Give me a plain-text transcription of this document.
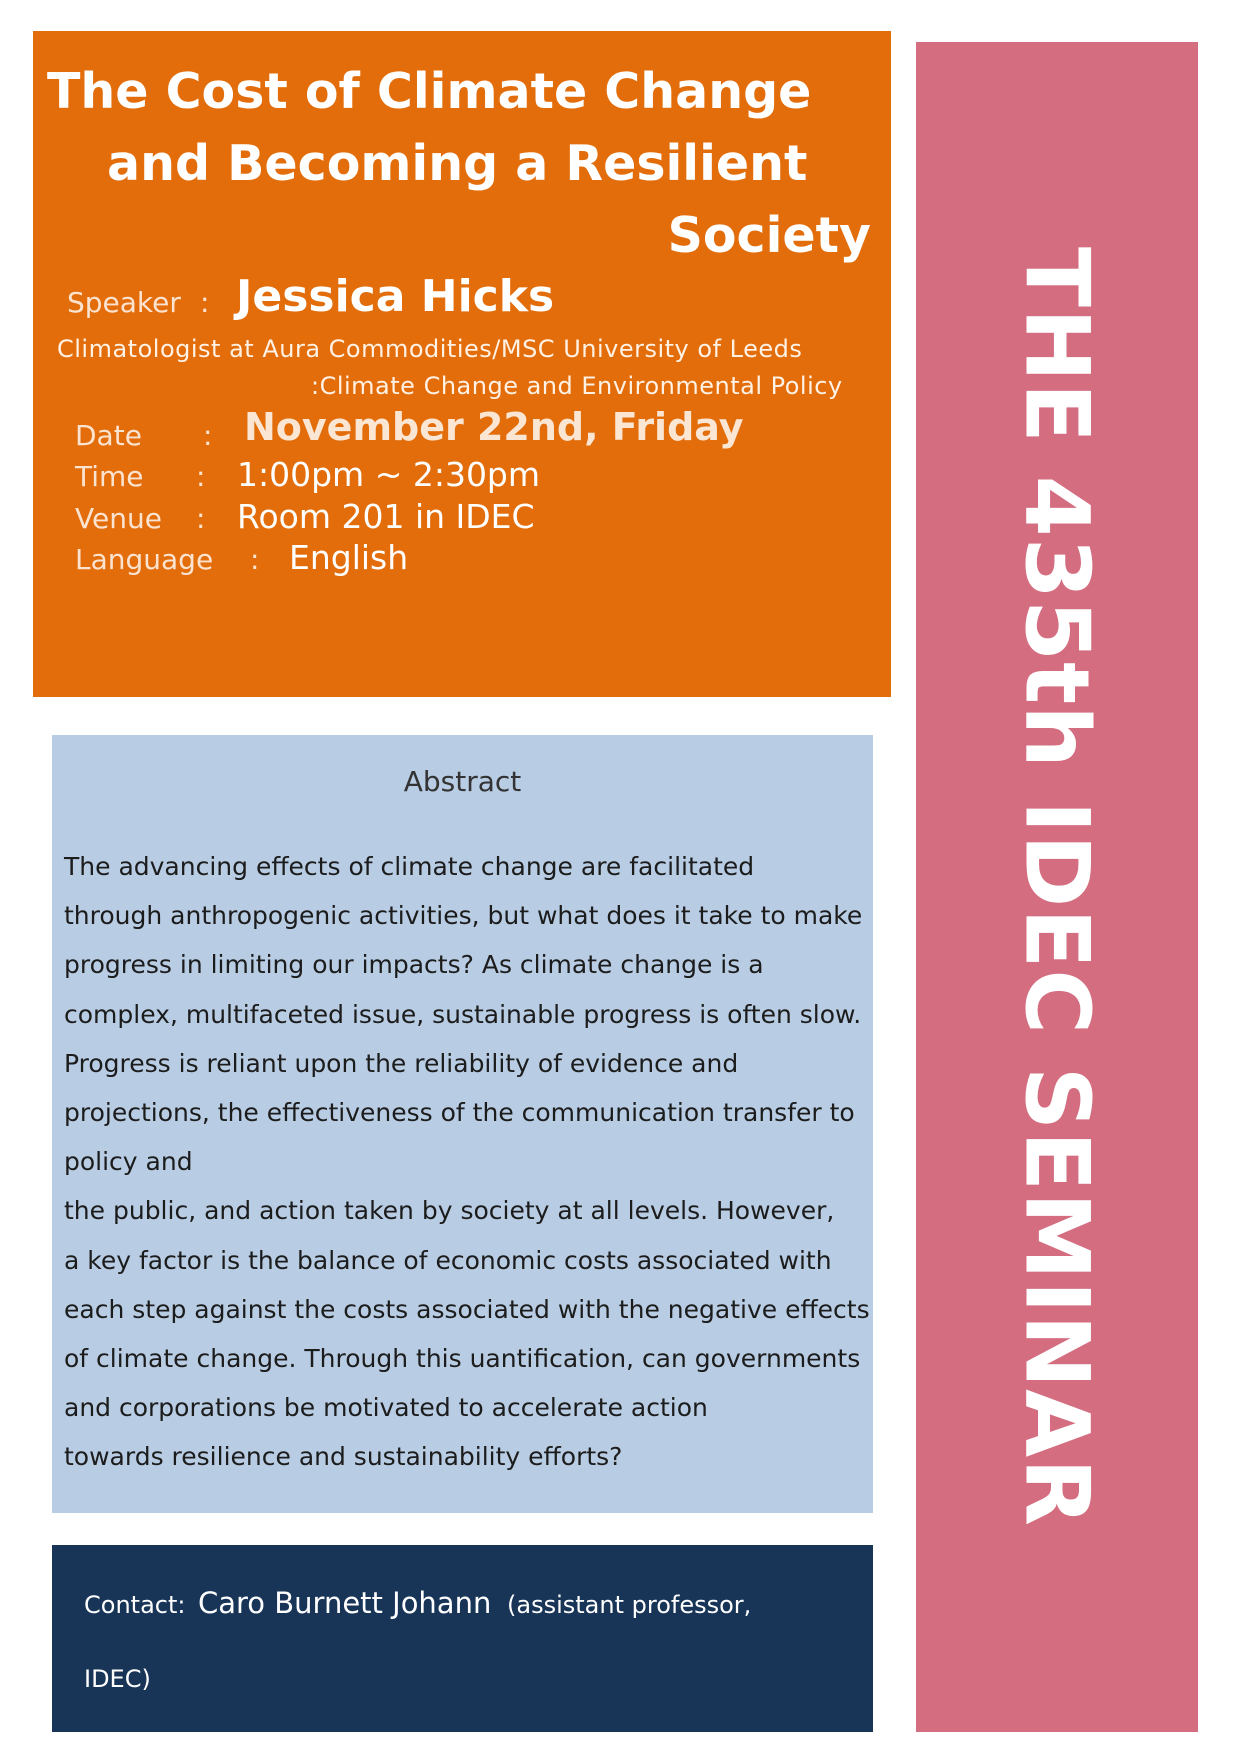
The Cost of Climate Change
and Becoming a Resilient
Society
Speaker : Jessica Hicks
Climatologist at Aura Commodities/MSC University of Leeds
:Climate Change and Environmental Policy
Date : November 22nd, Friday
Time : 1:00pm ~ 2:30pm
Venue : Room 201 in IDEC
Language : English	THE 435th IDEC SEMINAR
Abstract
The advancing effects of climate change are facilitated
through anthropogenic activities, but what does it take to make
progress in limiting our impacts? As climate change is a
complex, multifaceted issue, sustainable progress is often slow.
Progress is reliant upon the reliability of evidence and
projections, the effectiveness of the communication transfer to
policy and
the public, and action taken by society at all levels. However,
a key factor is the balance of economic costs associated with
each step against the costs associated with the negative effects
of climate change. Through this uantification, can governments
and corporations be motivated to accelerate action
towards resilience and sustainability efforts?
Contact: Caro Burnett Johann (assistant professor,
IDEC)
